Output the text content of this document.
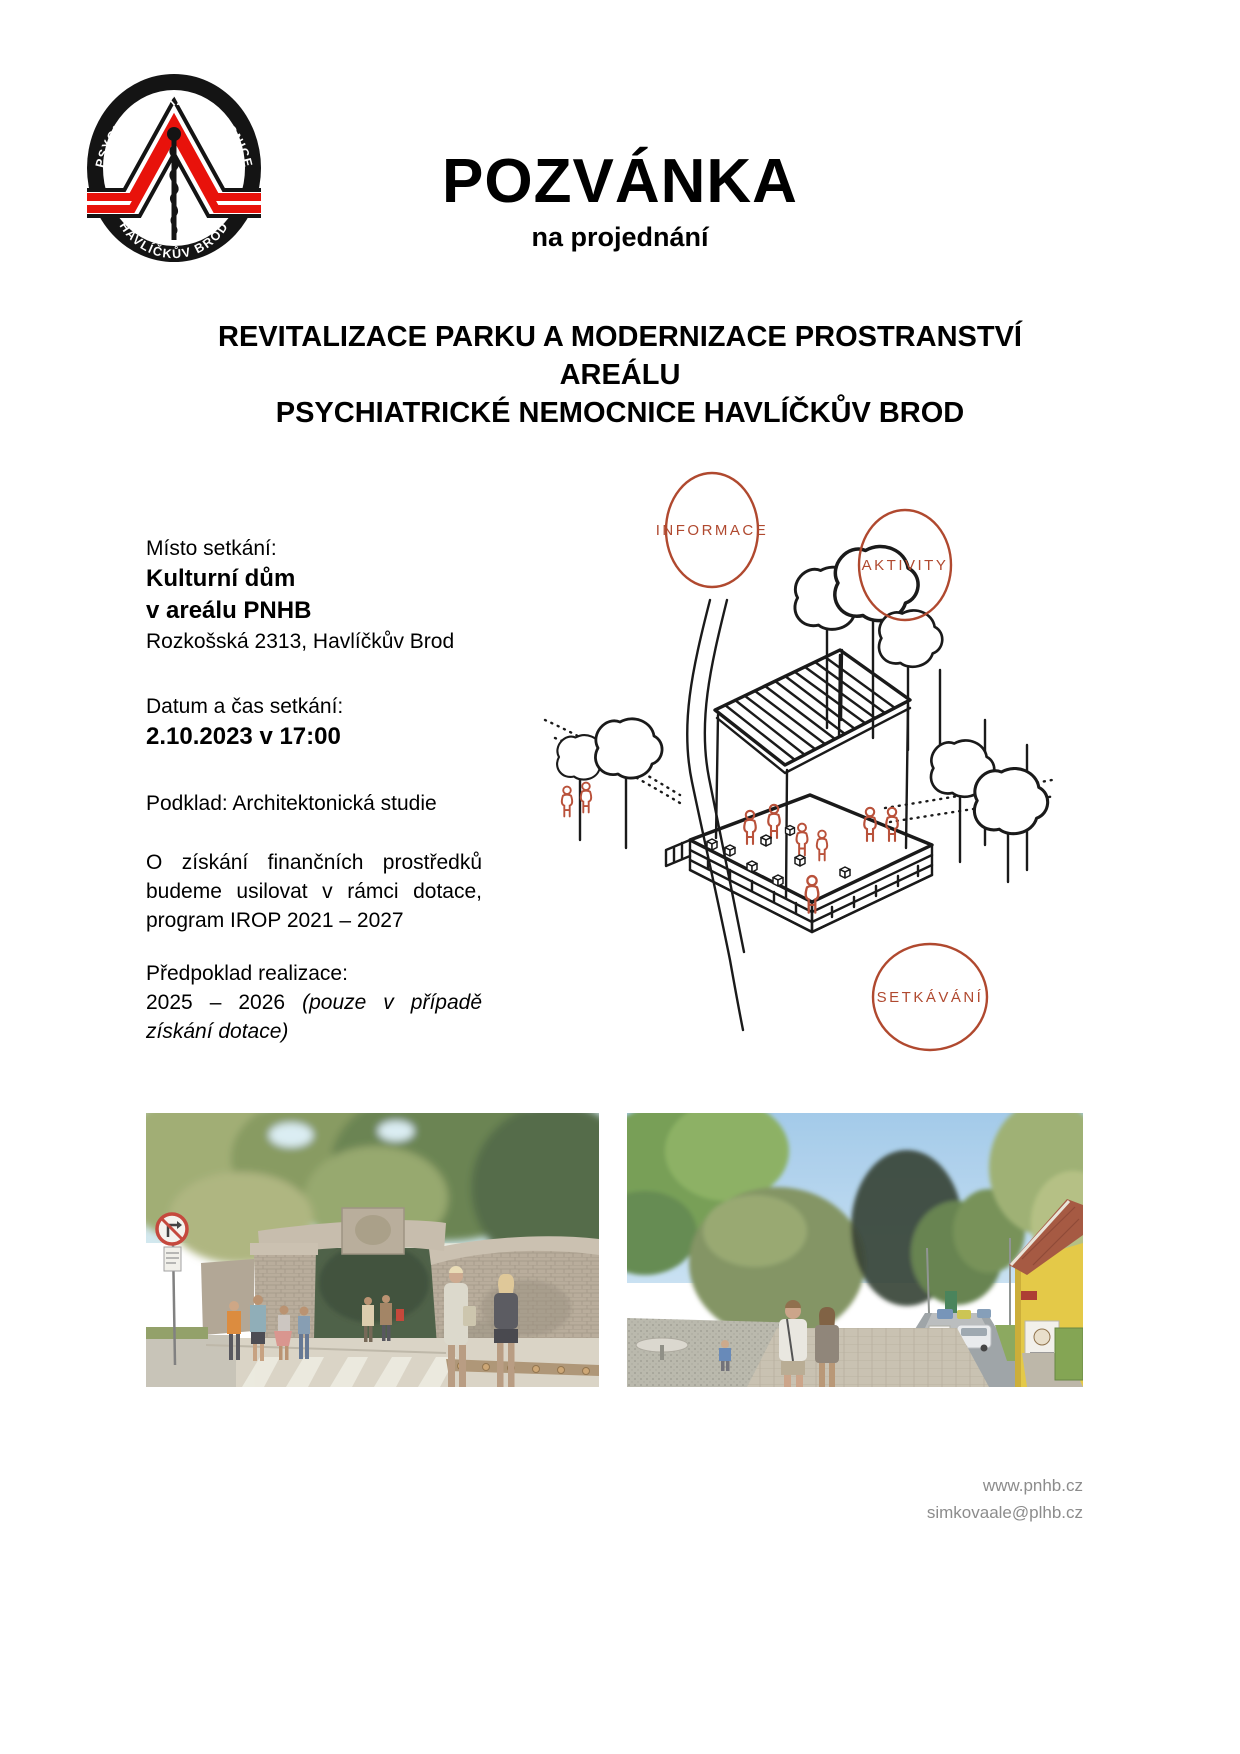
PSYCHIATRICKÁ NEMOCNICE
HAVLÍČKŮV BROD
POZVÁNKA
na projednání
REVITALIZACE PARKU A MODERNIZACE PROSTRANSTVÍ
AREÁLU
PSYCHIATRICKÉ NEMOCNICE HAVLÍČKŮV BROD

Místo setkání:

Kulturní dům

v areálu PNHB

Rozkošská 2313, Havlíčkův Brod

Datum a čas setkání:

2.10.2023 v 17:00

Podklad: Architektonická studie

O získání finančních prostředků budeme usilovat v rámci dotace, program IROP 2021 – 2027

Předpoklad realizace:

2025 – 2026 (pouze v případě získání dotace)

INFORMACE
AKTIVITY
SETKÁVÁNÍ
www.pnhb.cz
simkovaale@plhb.cz
